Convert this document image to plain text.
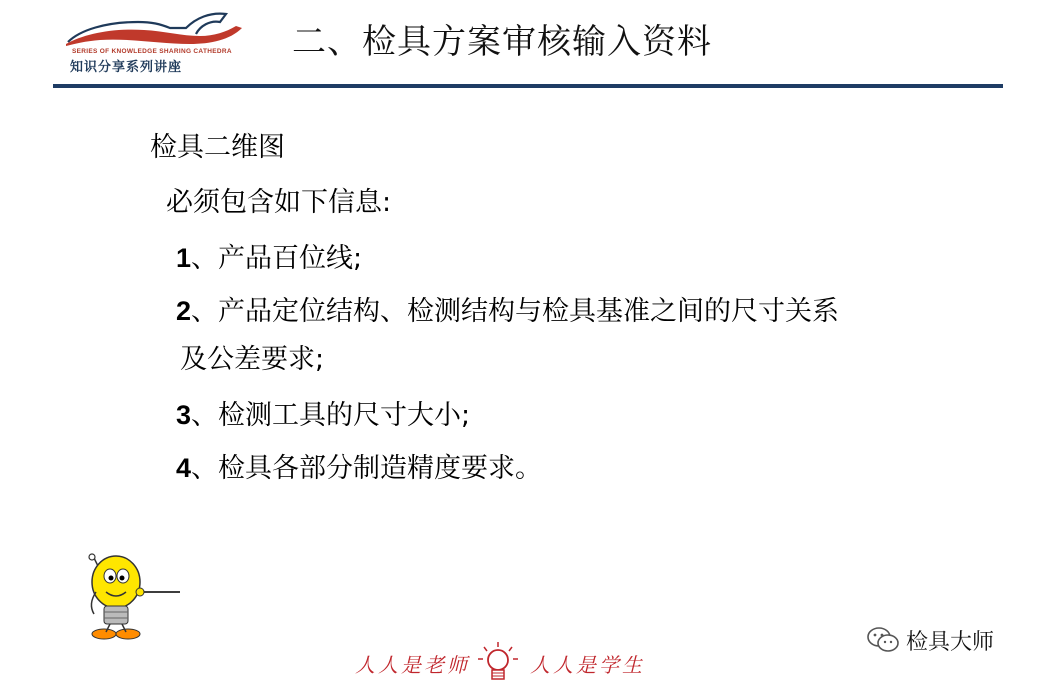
SERIES OF KNOWLEDGE SHARING CATHEDRA
知识分享系列讲座
二、检具方案审核输入资料
检具二维图
必须包含如下信息:
1、产品百位线;
2、产品定位结构、检测结构与检具基准之间的尺寸关系
及公差要求;
3、检测工具的尺寸大小;
4、检具各部分制造精度要求。
检具大师
人人是老师	人人是学生
